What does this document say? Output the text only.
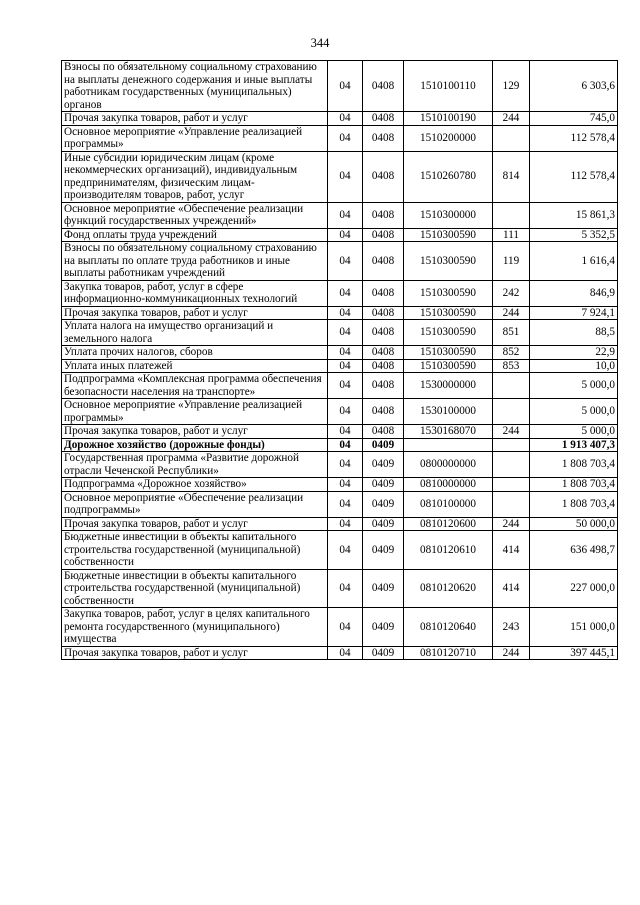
344
Взносы по обязательному социальному страхованию на выплаты денежного содержания и иные выплаты работникам государственных (муниципальных) органов	04	0408	1510100110	129	6 303,6
Прочая закупка товаров, работ и услуг	04	0408	1510100190	244	745,0
Основное мероприятие «Управление реализацией программы»	04	0408	1510200000		112 578,4
Иные субсидии юридическим лицам (кроме некоммерческих организаций), индивидуальным предпринимателям, физическим лицам-производителям товаров, работ, услуг	04	0408	1510260780	814	112 578,4
Основное мероприятие «Обеспечение реализации функций государственных учреждений»	04	0408	1510300000		15 861,3
Фонд оплаты труда учреждений	04	0408	1510300590	111	5 352,5
Взносы по обязательному социальному страхованию на выплаты по оплате труда работников и иные выплаты работникам учреждений	04	0408	1510300590	119	1 616,4
Закупка товаров, работ, услуг в сфере информационно-коммуникационных технологий	04	0408	1510300590	242	846,9
Прочая закупка товаров, работ и услуг	04	0408	1510300590	244	7 924,1
Уплата налога на имущество организаций и земельного налога	04	0408	1510300590	851	88,5
Уплата прочих налогов, сборов	04	0408	1510300590	852	22,9
Уплата иных платежей	04	0408	1510300590	853	10,0
Подпрограмма «Комплексная программа обеспечения безопасности населения на транспорте»	04	0408	1530000000		5 000,0
Основное мероприятие «Управление реализацией программы»	04	0408	1530100000		5 000,0
Прочая закупка товаров, работ и услуг	04	0408	1530168070	244	5 000,0
Дорожное хозяйство (дорожные фонды)	04	0409			1 913 407,3
Государственная программа «Развитие дорожной отрасли Чеченской Республики»	04	0409	0800000000		1 808 703,4
Подпрограмма «Дорожное хозяйство»	04	0409	0810000000		1 808 703,4
Основное мероприятие «Обеспечение реализации подпрограммы»	04	0409	0810100000		1 808 703,4
Прочая закупка товаров, работ и услуг	04	0409	0810120600	244	50 000,0
Бюджетные инвестиции в объекты капитального строительства государственной (муниципальной) собственности	04	0409	0810120610	414	636 498,7
Бюджетные инвестиции в объекты капитального строительства государственной (муниципальной) собственности	04	0409	0810120620	414	227 000,0
Закупка товаров, работ, услуг в целях капитального ремонта государственного (муниципального) имущества	04	0409	0810120640	243	151 000,0
Прочая закупка товаров, работ и услуг	04	0409	0810120710	244	397 445,1
